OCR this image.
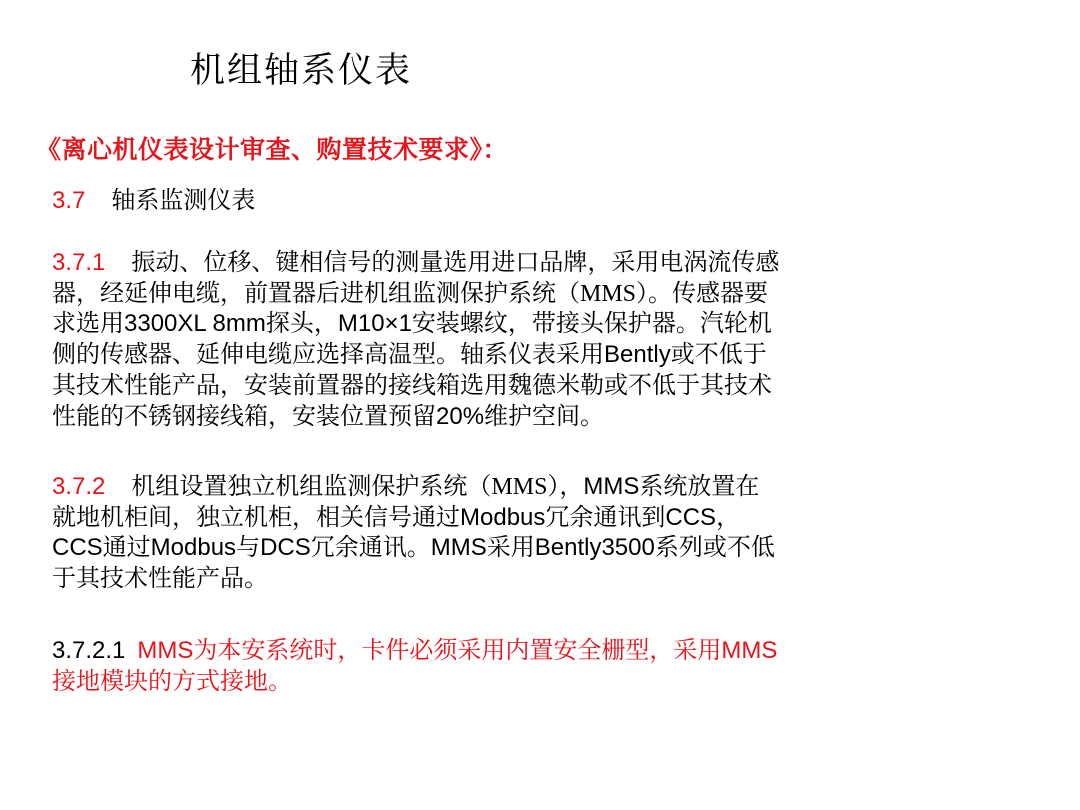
机组轴系仪表
《离心机仪表设计审查、购置技术要求》：
3.7 轴系监测仪表
3.7.1 振动、位移、键相信号的测量选用进口品牌，采用电涡流传感
器，经延伸电缆，前置器后进机组监测保护系统（MMS）。传感器要
求选用3300XL 8mm探头，M10×1安装螺纹，带接头保护器。汽轮机
侧的传感器、延伸电缆应选择高温型。轴系仪表采用Bently或不低于
其技术性能产品，安装前置器的接线箱选用魏德米勒或不低于其技术
性能的不锈钢接线箱，安装位置预留20%维护空间。
3.7.2 机组设置独立机组监测保护系统（MMS），MMS系统放置在
就地机柜间，独立机柜，相关信号通过Modbus冗余通讯到CCS，
CCS通过Modbus与DCS冗余通讯。MMS采用Bently3500系列或不低
于其技术性能产品。
3.7.2.1 MMS为本安系统时，卡件必须采用内置安全栅型，采用MMS
接地模块的方式接地。
